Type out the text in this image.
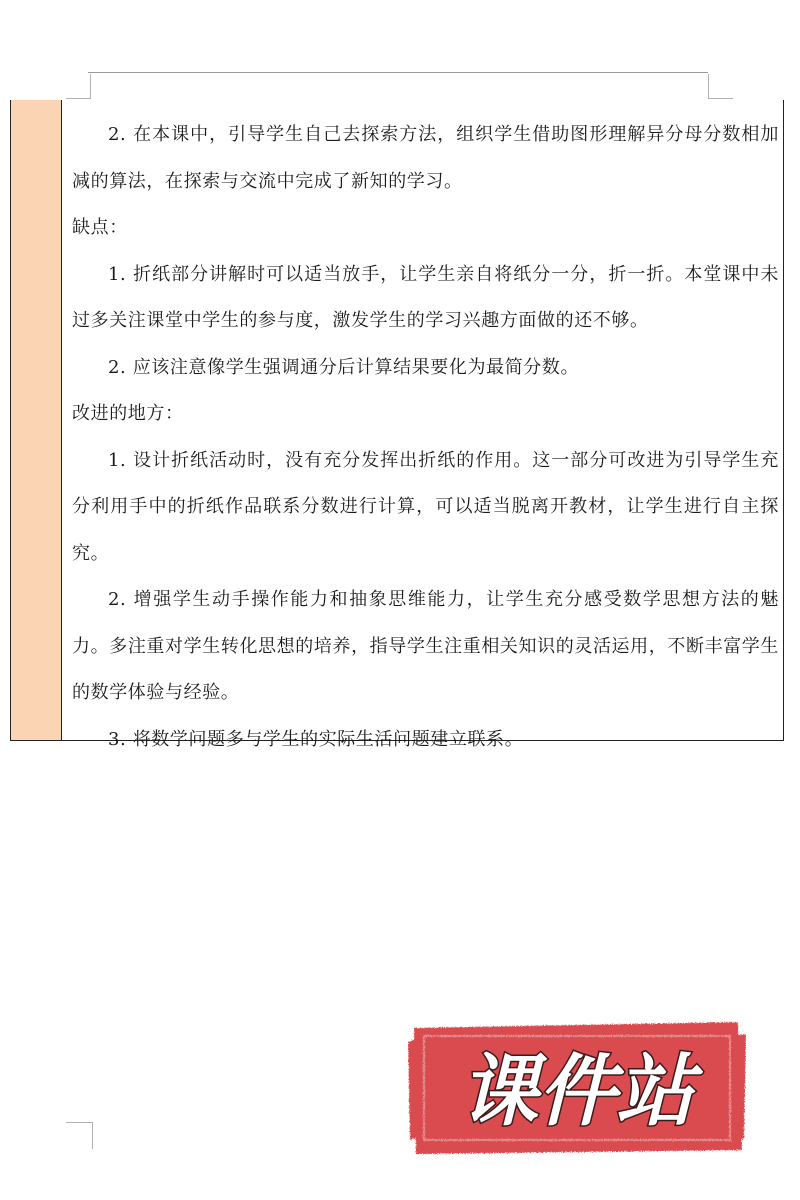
2. 在本课中，引导学生自己去探索方法，组织学生借助图形理解异分母分数相加减的算法，在探索与交流中完成了新知的学习。

缺点：

1. 折纸部分讲解时可以适当放手，让学生亲自将纸分一分，折一折。本堂课中未过多关注课堂中学生的参与度，激发学生的学习兴趣方面做的还不够。

2. 应该注意像学生强调通分后计算结果要化为最简分数。

改进的地方：

1. 设计折纸活动时，没有充分发挥出折纸的作用。这一部分可改进为引导学生充分利用手中的折纸作品联系分数进行计算，可以适当脱离开教材，让学生进行自主探究。

2. 增强学生动手操作能力和抽象思维能力，让学生充分感受数学思想方法的魅力。多注重对学生转化思想的培养，指导学生注重相关知识的灵活运用，不断丰富学生的数学体验与经验。

3. 将数学问题多与学生的实际生活问题建立联系。

课件站
